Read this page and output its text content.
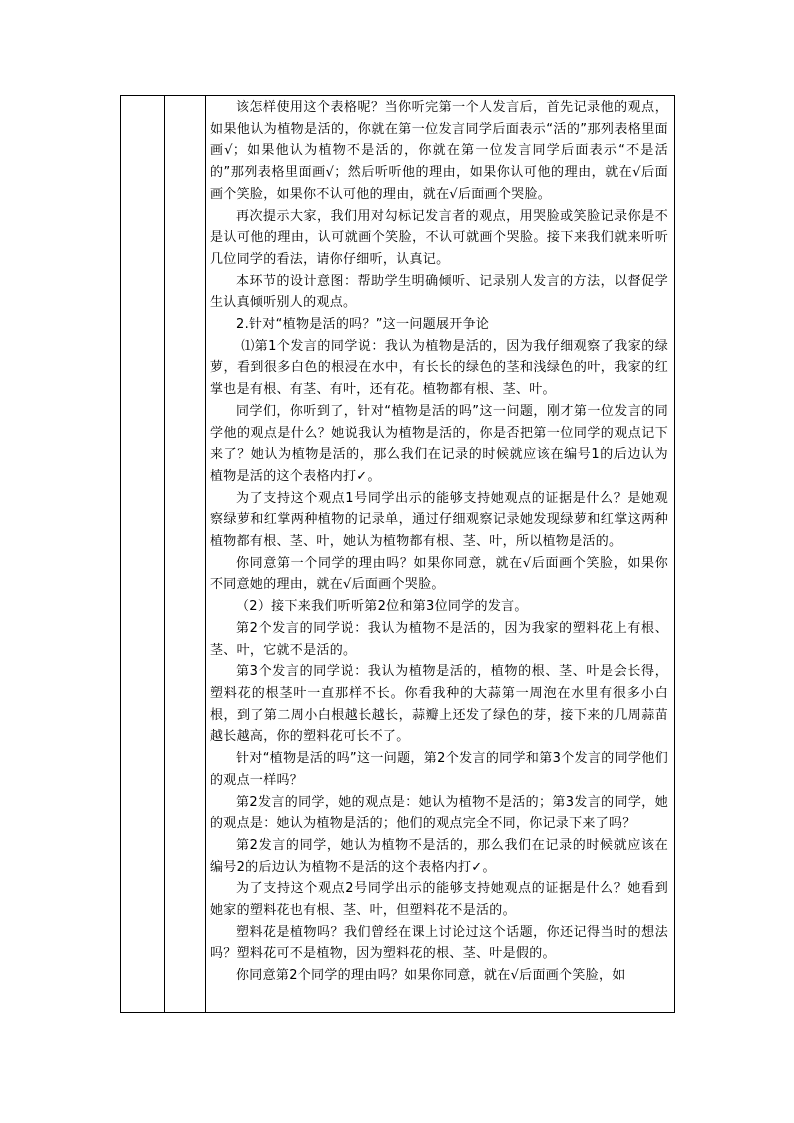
该怎样使用这个表格呢？当你听完第一个人发言后，首先记录他的观点，如果他认为植物是活的，你就在第一位发言同学后面表示“活的”那列表格里面画√；如果他认为植物不是活的，你就在第一位发言同学后面表示“不是活的”那列表格里面画√；然后听听他的理由，如果你认可他的理由，就在√后面画个笑脸，如果你不认可他的理由，就在√后面画个哭脸。

再次提示大家，我们用对勾标记发言者的观点，用哭脸或笑脸记录你是不是认可他的理由，认可就画个笑脸，不认可就画个哭脸。接下来我们就来听听几位同学的看法，请你仔细听，认真记。

本环节的设计意图：帮助学生明确倾听、记录别人发言的方法，以督促学生认真倾听别人的观点。

2.针对“植物是活的吗？”这一问题展开争论

⑴第1个发言的同学说：我认为植物是活的，因为我仔细观察了我家的绿萝，看到很多白色的根浸在水中，有长长的绿色的茎和浅绿色的叶，我家的红掌也是有根、有茎、有叶，还有花。植物都有根、茎、叶。

同学们，你听到了，针对“植物是活的吗”这一问题，刚才第一位发言的同学他的观点是什么？她说我认为植物是活的，你是否把第一位同学的观点记下来了？她认为植物是活的，那么我们在记录的时候就应该在编号1的后边认为植物是活的这个表格内打✓。

为了支持这个观点1号同学出示的能够支持她观点的证据是什么？是她观察绿萝和红掌两种植物的记录单，通过仔细观察记录她发现绿萝和红掌这两种植物都有根、茎、叶，她认为植物都有根、茎、叶，所以植物是活的。

你同意第一个同学的理由吗？如果你同意，就在√后面画个笑脸，如果你不同意她的理由，就在√后面画个哭脸。

（2）接下来我们听听第2位和第3位同学的发言。

第2个发言的同学说：我认为植物不是活的，因为我家的塑料花上有根、茎、叶，它就不是活的。

第3个发言的同学说：我认为植物是活的，植物的根、茎、叶是会长得，塑料花的根茎叶一直那样不长。你看我种的大蒜第一周泡在水里有很多小白根，到了第二周小白根越长越长，蒜瓣上还发了绿色的芽，接下来的几周蒜苗越长越高，你的塑料花可长不了。

针对“植物是活的吗”这一问题，第2个发言的同学和第3个发言的同学他们的观点一样吗？

第2发言的同学，她的观点是：她认为植物不是活的；第3发言的同学，她的观点是：她认为植物是活的；他们的观点完全不同，你记录下来了吗？

第2发言的同学，她认为植物不是活的，那么我们在记录的时候就应该在编号2的后边认为植物不是活的这个表格内打✓。

为了支持这个观点2号同学出示的能够支持她观点的证据是什么？她看到她家的塑料花也有根、茎、叶，但塑料花不是活的。

塑料花是植物吗？我们曾经在课上讨论过这个话题，你还记得当时的想法吗？塑料花可不是植物，因为塑料花的根、茎、叶是假的。

你同意第2个同学的理由吗？如果你同意，就在√后面画个笑脸，如
